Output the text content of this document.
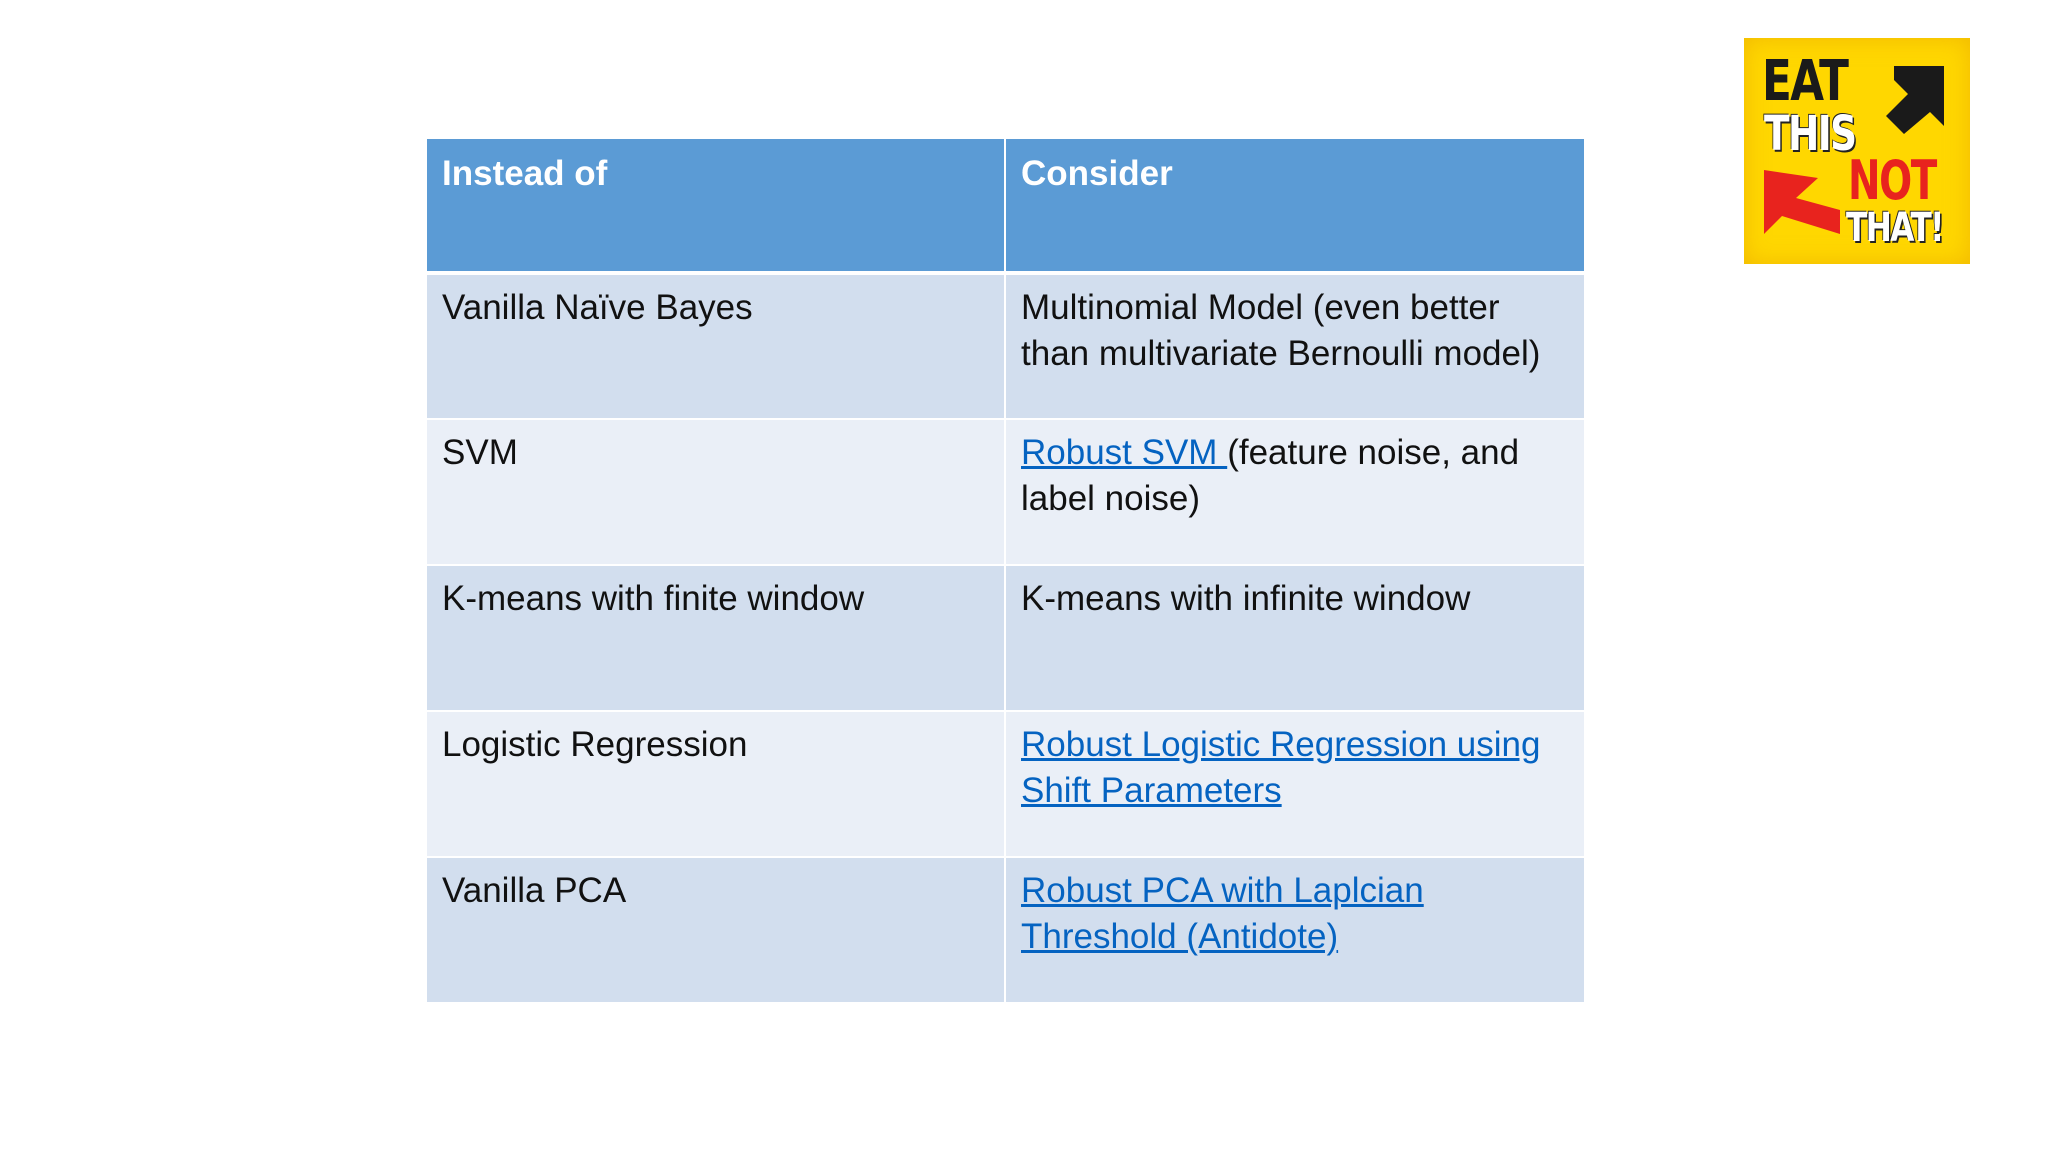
Instead of	Consider
Vanilla Naïve Bayes	Multinomial Model (even better than multivariate Bernoulli model)
SVM	Robust SVM (feature noise, and label noise)
K-means with finite window	K-means with infinite window
Logistic Regression	Robust Logistic Regression using Shift Parameters
Vanilla PCA	Robust PCA with Laplcian Threshold (Antidote)
EAT
THIS
NOT
THAT!
